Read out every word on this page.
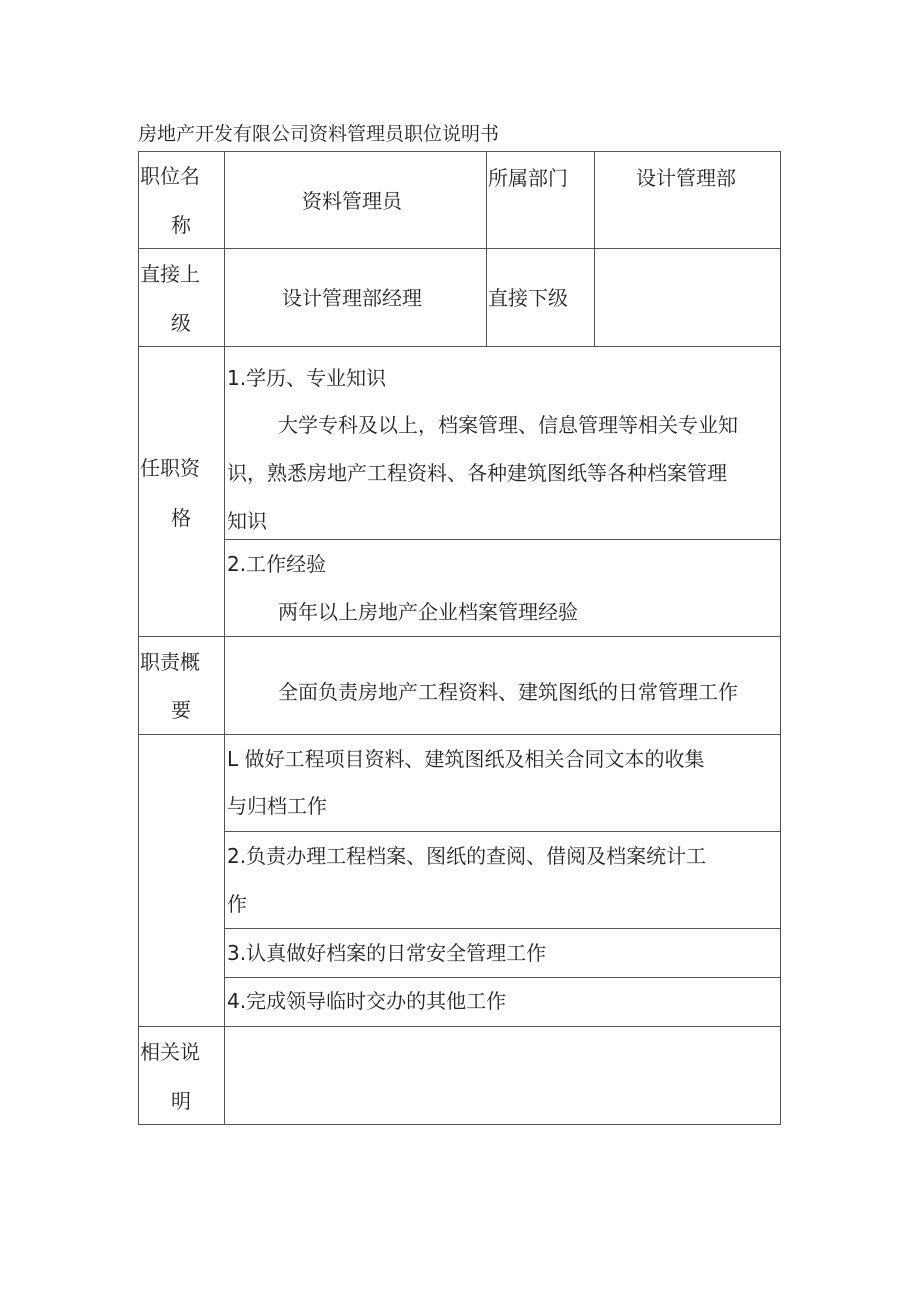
房地产开发有限公司资料管理员职位说明书
职位名
称
资料管理员
所属部门	设计管理部
直接上
级
设计管理部经理	直接下级
任职资
格
1.学历、专业知识
大学专科及以上，档案管理、信息管理等相关专业知
识，熟悉房地产工程资料、各种建筑图纸等各种档案管理
知识
2.工作经验
两年以上房地产企业档案管理经验
职责概
要
全面负责房地产工程资料、建筑图纸的日常管理工作
L 做好工程项目资料、建筑图纸及相关合同文本的收集
与归档工作
2.负责办理工程档案、图纸的查阅、借阅及档案统计工
作
3.认真做好档案的日常安全管理工作
4.完成领导临时交办的其他工作
相关说
明
